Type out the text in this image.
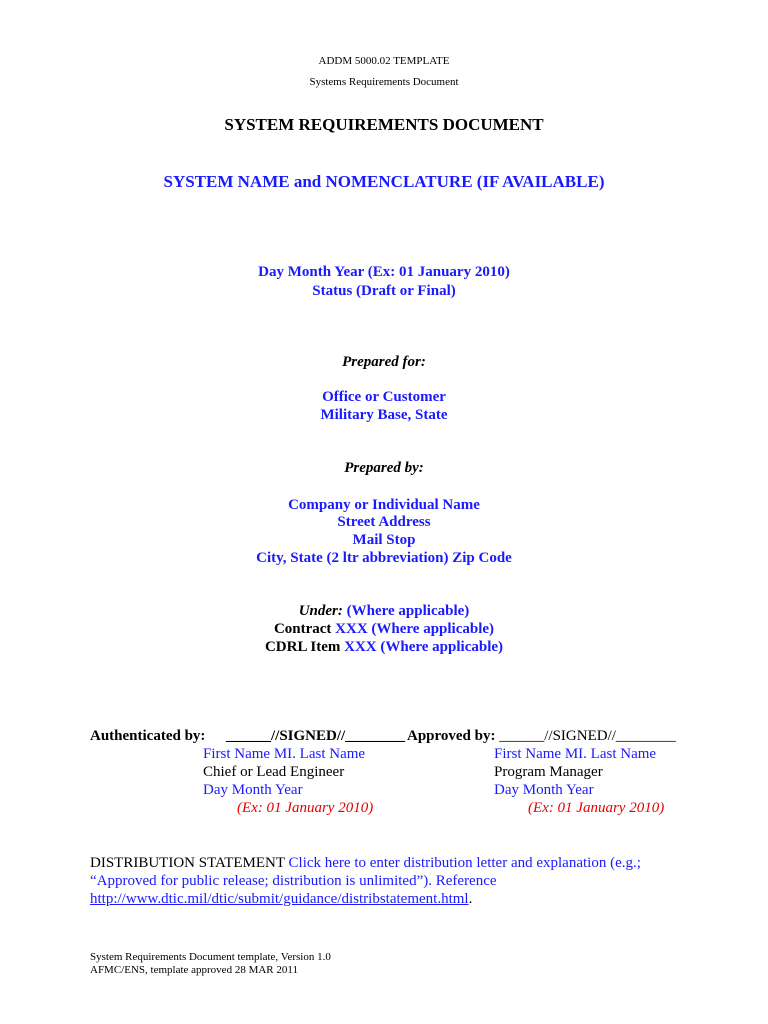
ADDM 5000.02 TEMPLATE
Systems Requirements Document
SYSTEM REQUIREMENTS DOCUMENT
SYSTEM NAME and NOMENCLATURE (IF AVAILABLE)
Day Month Year (Ex: 01 January 2010)
Status (Draft or Final)
Prepared for:
Office or Customer
Military Base, State
Prepared by:
Company or Individual Name
Street Address
Mail Stop
City, State (2 ltr abbreviation) Zip Code
Under: (Where applicable)
Contract XXX (Where applicable)
CDRL Item XXX (Where applicable)
Authenticated by: ______//SIGNED//________ Approved by: ______//SIGNED//________
First Name MI. Last Name
Chief or Lead Engineer
Day Month Year
(Ex: 01 January 2010)
First Name MI. Last Name
Program Manager
Day Month Year
(Ex: 01 January 2010)
DISTRIBUTION STATEMENT Click here to enter distribution letter and explanation (e.g.;
“Approved for public release; distribution is unlimited”). Reference
http://www.dtic.mil/dtic/submit/guidance/distribstatement.html.
System Requirements Document template, Version 1.0
AFMC/ENS, template approved 28 MAR 2011
